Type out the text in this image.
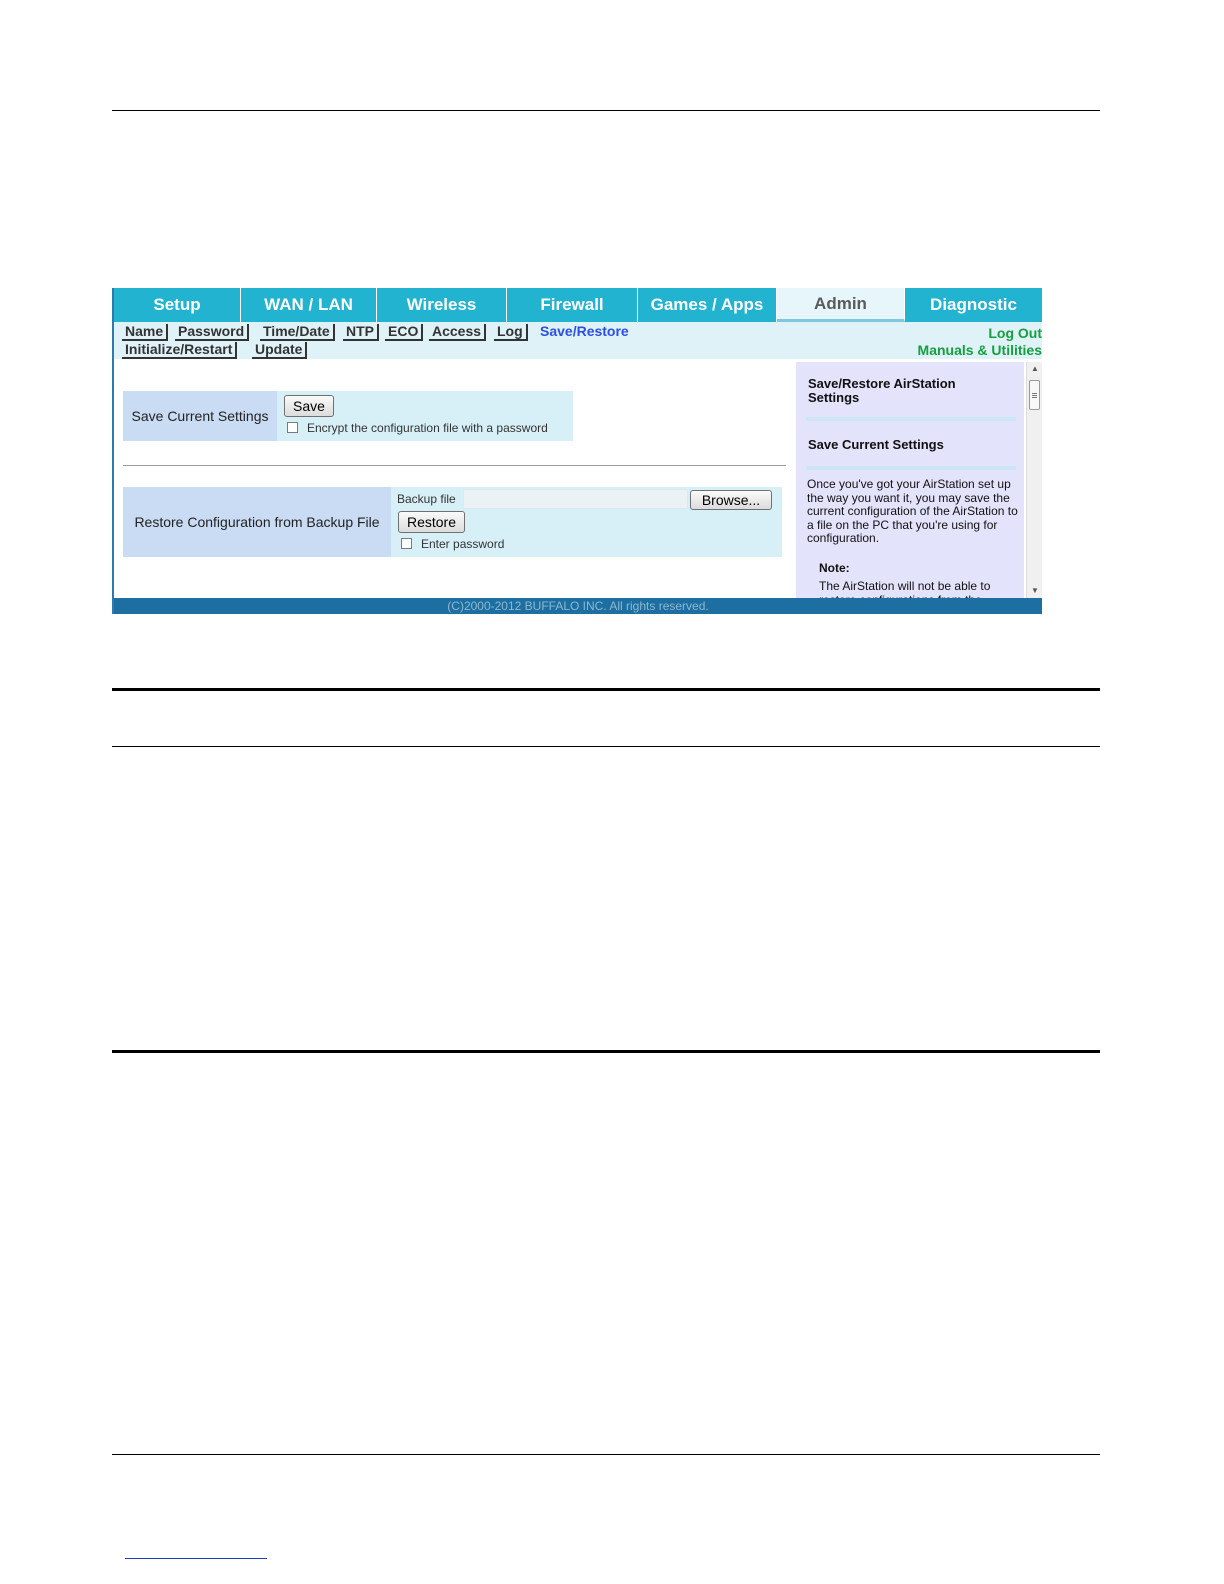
Setup	WAN / LAN	Wireless	Firewall	Games / Apps	Admin	Diagnostic
Name	Password	Time/Date	NTP	ECO Access	Log	Save/Restore
Initialize/Restart	Update
Log Out
Manuals & Utilities
Save Current Settings
Save
Encrypt the configuration file with a password
Restore Configuration from Backup File
Backup file	Browse...
Restore
Enter password
Save/Restore AirStation Settings
Save Current Settings

Once you've got your AirStation set up the way you want it, you may save the current configuration of the AirStation to a file on the PC that you're using for configuration.

Note:

The AirStation will not be able to

▲
▼
(C)2000-2012 BUFFALO INC. All rights reserved.
